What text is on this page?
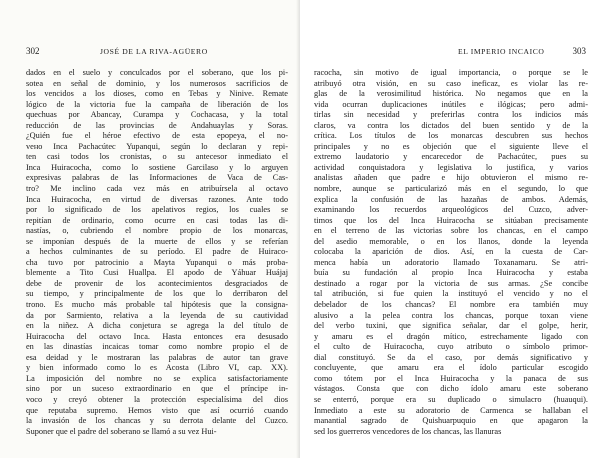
302	JOSÉ DE LA RIVA-AGÜERO
dados en el suelo y conculcados por el soberano, que los pi-
sotea en señal de dominio, y los numerosos sacrificios de
los vencidos a los dioses, como en Tebas y Ninive. Remate
lógico de la victoria fue la campaña de liberación de los
quechuas por Abancay, Curampa y Cochacasa, y la total
reducción de las provincias de Andahuaylas y Soras.
¿Quién fue el héroe efectivo de esta epopeya, el no-
vено Inca Pachacútec Yupanqui, según lo declaran y repi-
ten casi todos los cronistas, o su antecesor inmediato el
Inca Huiracocha, como lo sostiene Garcilaso y lo arguyen
expresivas palabras de las Informaciones de Vaca de Cas-
tro? Me inclino cada vez más en atribuírsela al octavo
Inca Huiracocha, en virtud de diversas razones. Ante todo
por lo significado de los apelativos regios, los cuales se
repitían de ordinario, como ocurre en casi todas las di-
nastías, o, cubriendo el nombre propio de los monarcas,
se imponían después de la muerte de ellos y se referían
a hechos culminantes de su período. El padre de Huiraco-
cha tuvo por patrocinio a Mayta Yupanqui o más proba-
blemente a Tito Cusi Huallpa. El apodo de Yáhuar Huájaj
debe de provenir de los acontecimientos desgraciados de
su tiempo, y principalmente de los que lo derribaron del
trono. Es mucho más probable tal hipótesis que la consigna-
da por Sarmiento, relativa a la leyenda de su cautividad
en la niñez. A dicha conjetura se agrega la del título de
Huiracocha del octavo Inca. Hasta entonces era desusado
en las dinastías incaicas tomar como nombre propio el de
esa deidad y le mostraran las palabras de autor tan grave
y bien informado como lo es Acosta (Libro VI, cap. XX).
La imposición del nombre no se explica satisfactoriamente
sino por un suceso extraordinario en que el príncipe in-
voco y creyó obtener la protección especialísima del dios
que reputaba supremo. Hemos visto que así ocurrió cuando
la invasión de los chancas y su derrota delante del Cuzco.
Suponer que el padre del soberano se llamó a su vez Hui-
EL IMPERIO INCAICO	303
racocha, sin motivo de igual importancia, o porque se le
atribuyó otra visión, en su caso ineficaz, es violar las re-
glas de la verosimilitud histórica. No negamos que en la
vida ocurran duplicaciones inútiles e ilógicas; pero admi-
tirlas sin necesidad y preferirlas contra los indicios más
claros, va contra los dictados del buen sentido y de la
crítica. Los títulos de los monarcas descubren sus hechos
principales y no es objeción que el siguiente lleve el
extremo laudatorio y encarecedor de Pachacútec, pues su
actividad conquistadora y legislativa lo justifica, y varios
analistas añaden que padre e hijo obtuvieron el mismo re-
nombre, aunque se particularizó más en el segundo, lo que
explica la confusión de las hazañas de ambos. Además,
examinando los recuerdos arqueológicos del Cuzco, adver-
timos que los del Inca Huiracocha se sitúaban precisamente
en el terreno de las victorias sobre los chancas, en el campo
del asedio memorable, o en los llanos, donde la leyenda
colocaba la aparición de dios. Así, en la cuesta de Car-
menca había un adoratorio llamado Toxanamaru. Se atri-
buía su fundación al propio Inca Huiracocha y estaba
destinado a rogar por la victoria de sus armas. ¿Se concibe
tal atribución, si fue quien la instituyó el vencido y no el
debelador de los chancas? El nombre era también muy
alusivo a la pelea contra los chancas, porque toxan viene
del verbo tuxini, que significa señalar, dar el golpe, herir,
y amaru es el dragón mítico, estrechamente ligado con
el culto de Huiracocha, cuyo atributo o símbolo primor-
dial constituyó. Se da el caso, por demás significativo y
concluyente, que amaru era el ídolo particular escogido
como tótem por el Inca Huiracocha y la panaca de sus
vástagos. Consta que con dicho ídolo amaru este soberano
se enterró, porque era su duplicado o simulacro (huauqui).
Inmediato a este su adoratorio de Carmenca se hallaban el
manantial sagrado de Quishuarpuquio en que apagaron la
sed los guerreros vencedores de los chancas, las llanuras
